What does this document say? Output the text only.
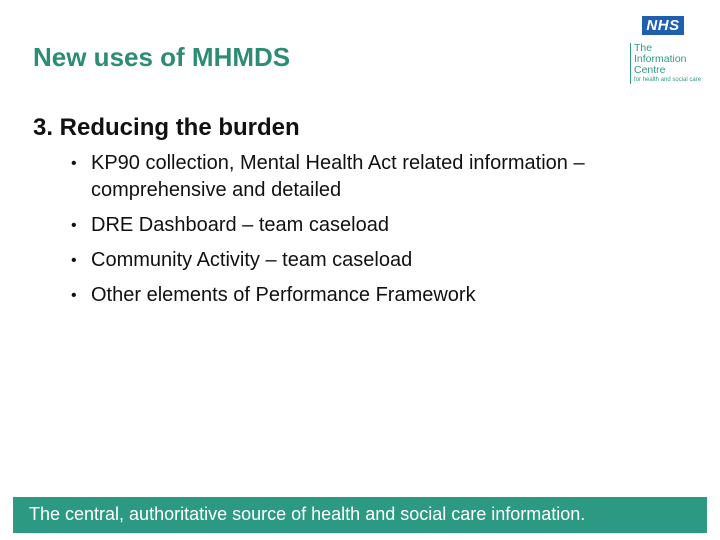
New uses of MHMDS
NHS
The
Information
Centre
for health and social care
3. Reducing the burden
• KP90 collection, Mental Health Act related information – comprehensive and detailed
• DRE Dashboard – team caseload
• Community Activity – team caseload
• Other elements of Performance Framework
The central, authoritative source of health and social care information.
